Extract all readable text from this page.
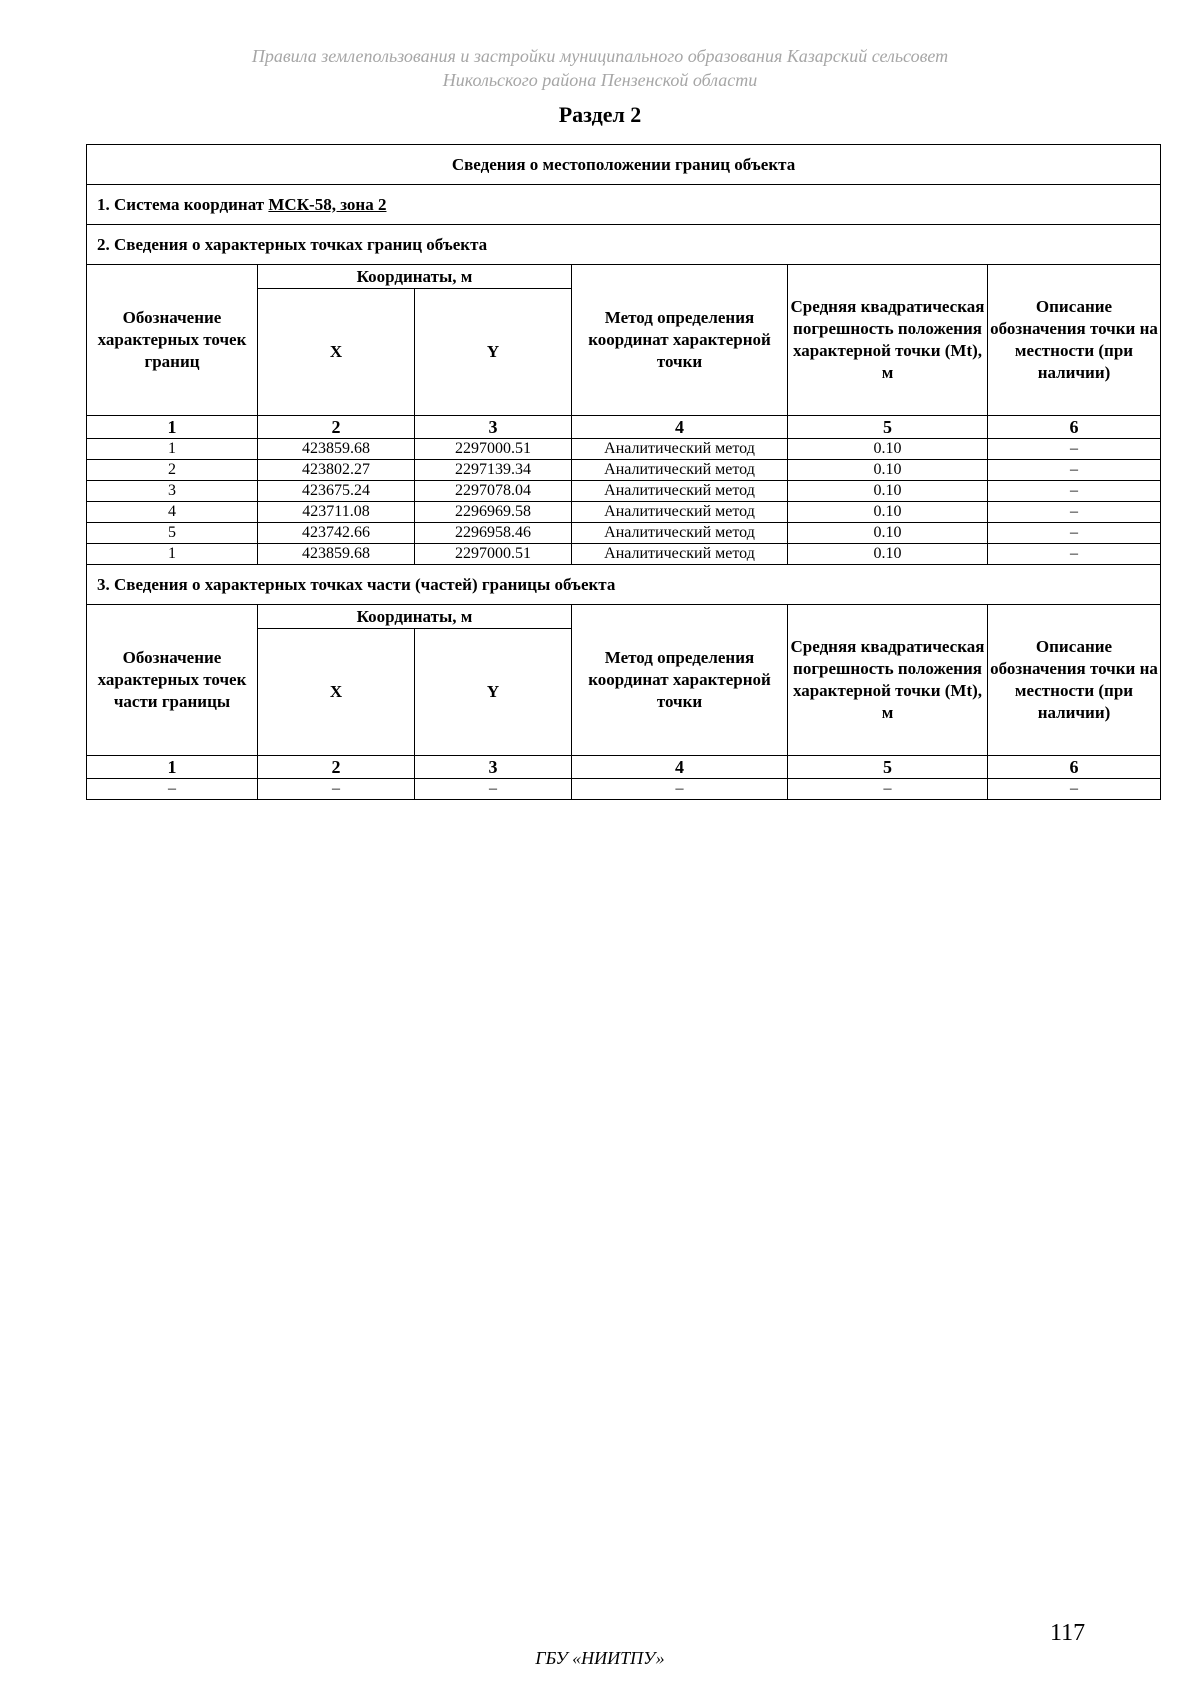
Правила землепользования и застройки муниципального образования Казарский сельсовет
Никольского района Пензенской области
Раздел 2
Сведения о местоположении границ объекта					
1. Система координат МСК-58, зона 2					
2. Сведения о характерных точках границ объекта					
Обозначение характерных точек границ	Координаты, м		Метод определения координат характерной точки	Средняя квадратическая погрешность положения характерной точки (Мt), м	Описание обозначения точки на местности (при наличии)
	X	Y			
1	2	3	4	5	6
1	423859.68	2297000.51	Аналитический метод	0.10	–
2	423802.27	2297139.34	Аналитический метод	0.10	–
3	423675.24	2297078.04	Аналитический метод	0.10	–
4	423711.08	2296969.58	Аналитический метод	0.10	–
5	423742.66	2296958.46	Аналитический метод	0.10	–
1	423859.68	2297000.51	Аналитический метод	0.10	–
3. Сведения о характерных точках части (частей) границы объекта					
Обозначение характерных точек части границы	Координаты, м		Метод определения координат характерной точки	Средняя квадратическая погрешность положения характерной точки (Мt), м	Описание обозначения точки на местности (при наличии)
	X	Y			
1	2	3	4	5	6
–	–	–	–	–	–
117
ГБУ «НИИТПУ»
